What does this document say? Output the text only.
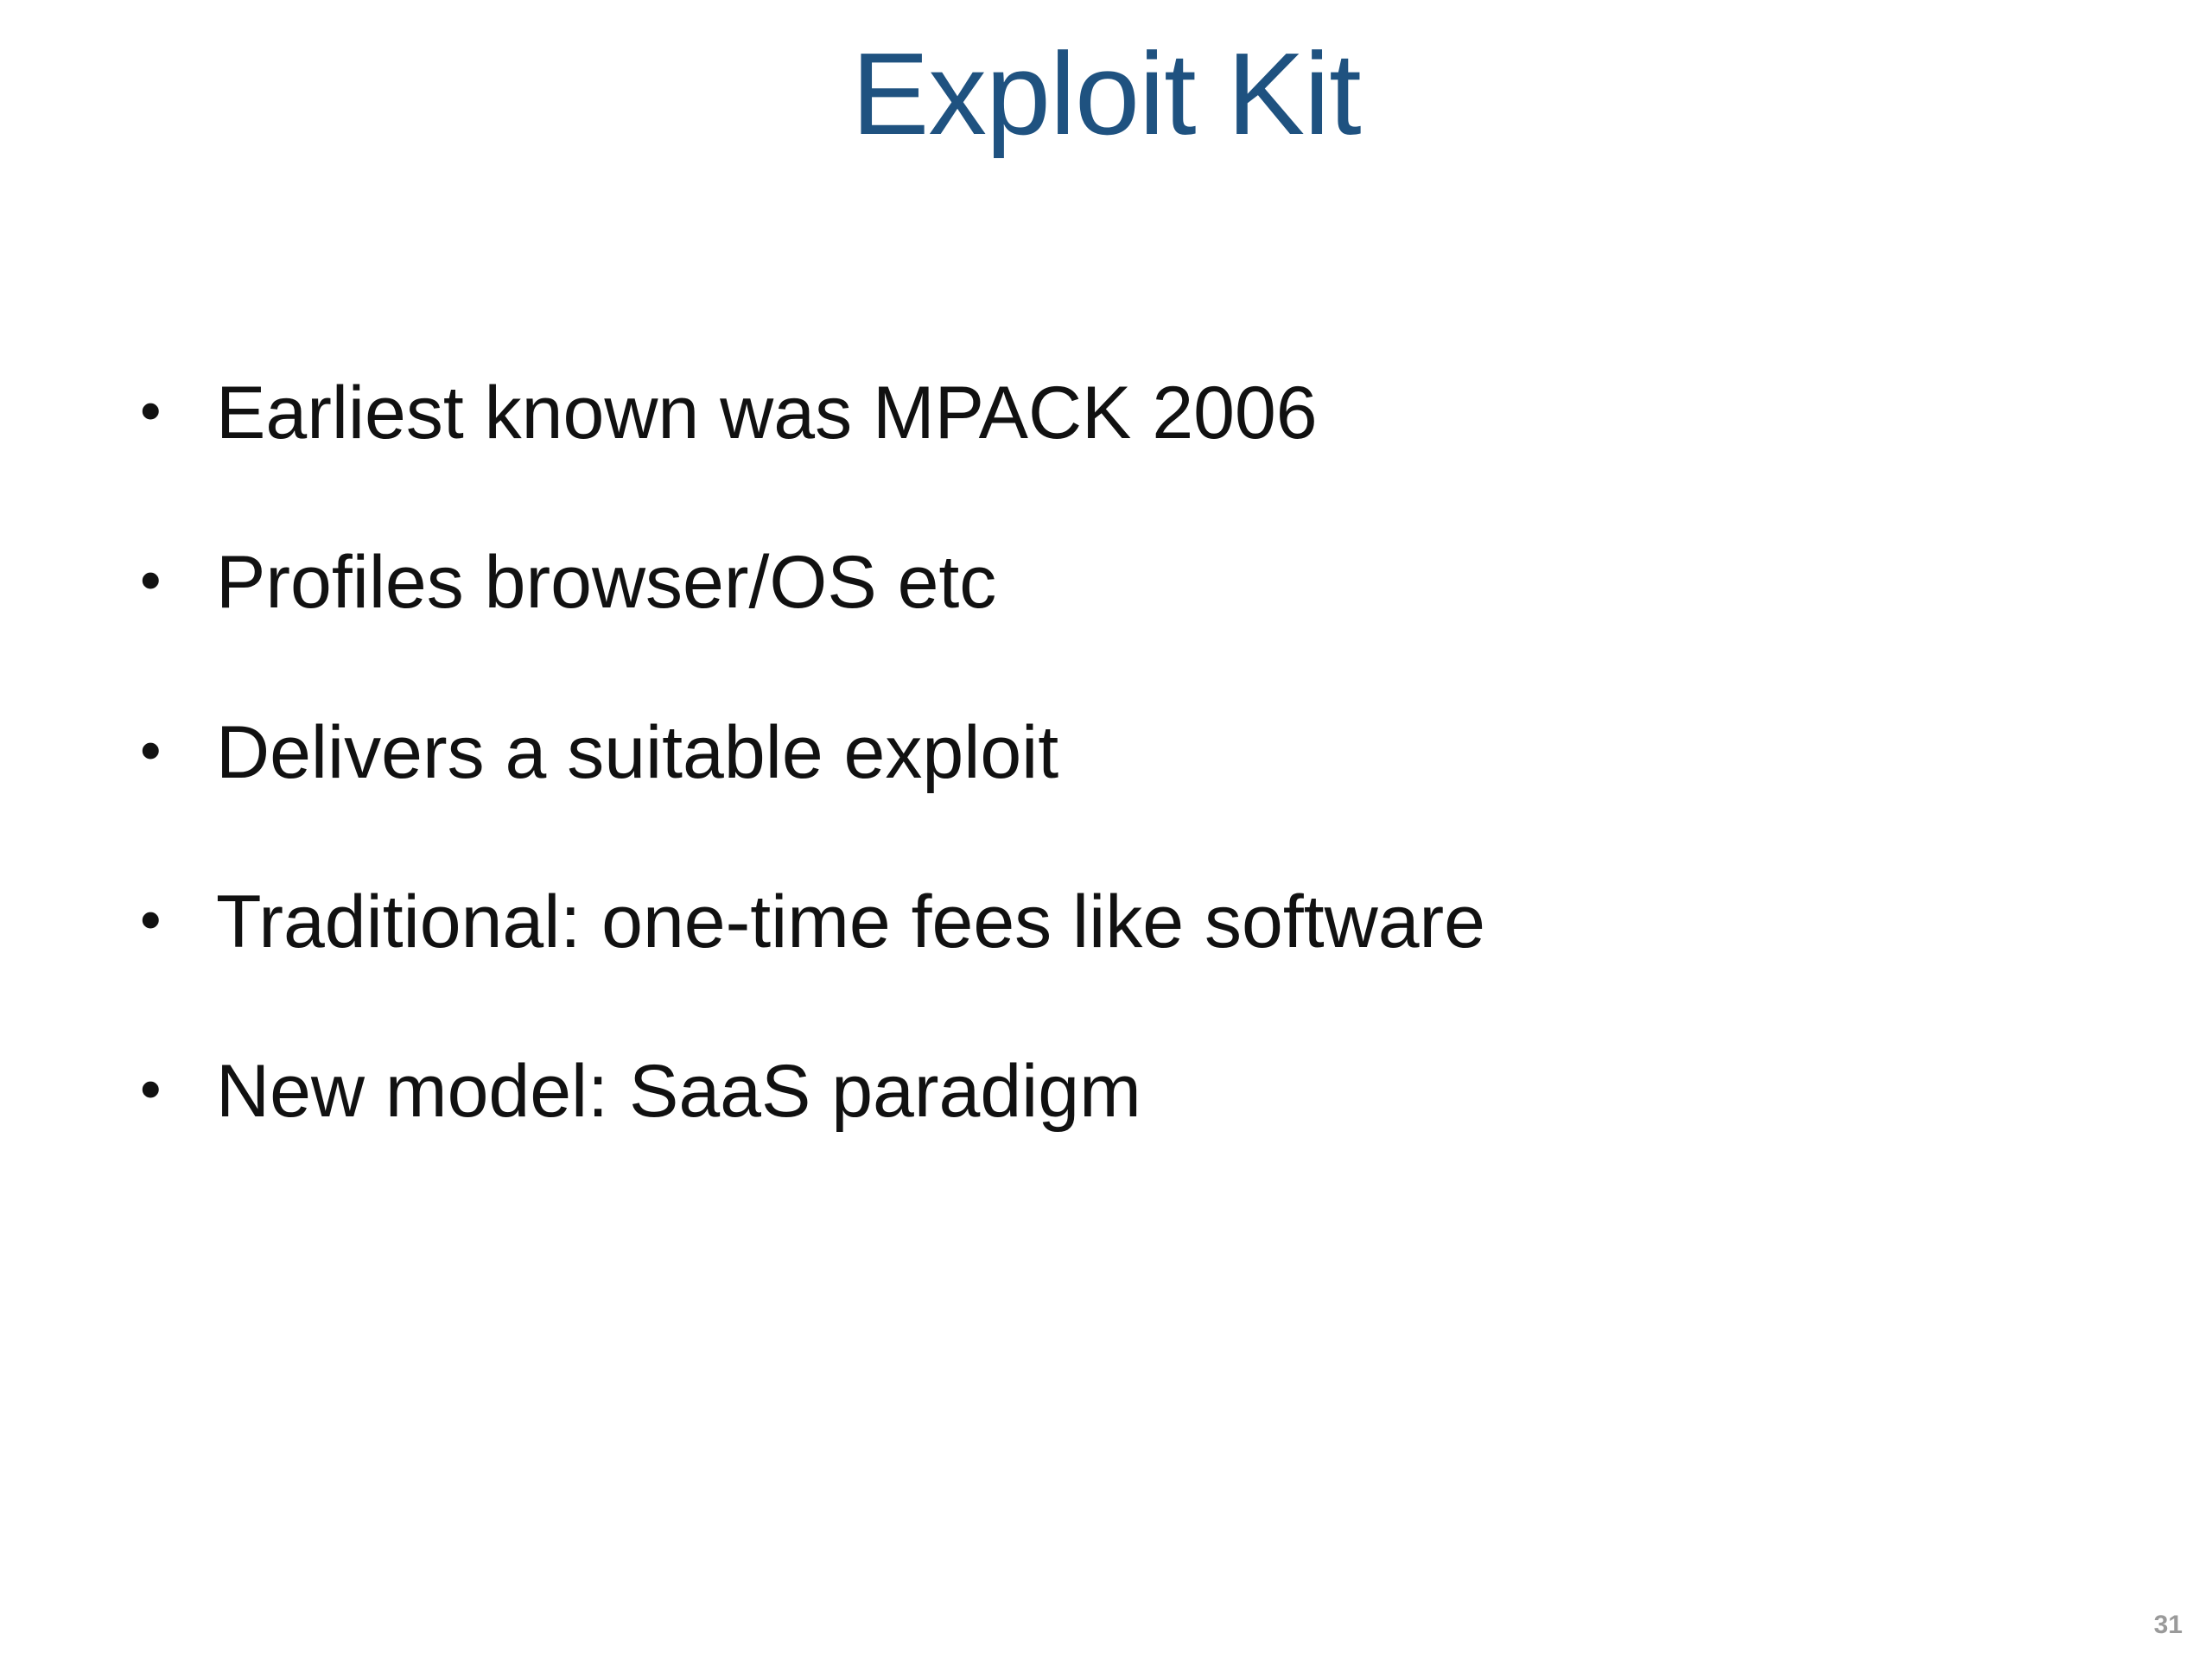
Exploit Kit
• Earliest known was MPACK 2006
• Profiles browser/OS etc
• Delivers a suitable exploit
• Traditional: one-time fees like software
• New model: SaaS paradigm
31
